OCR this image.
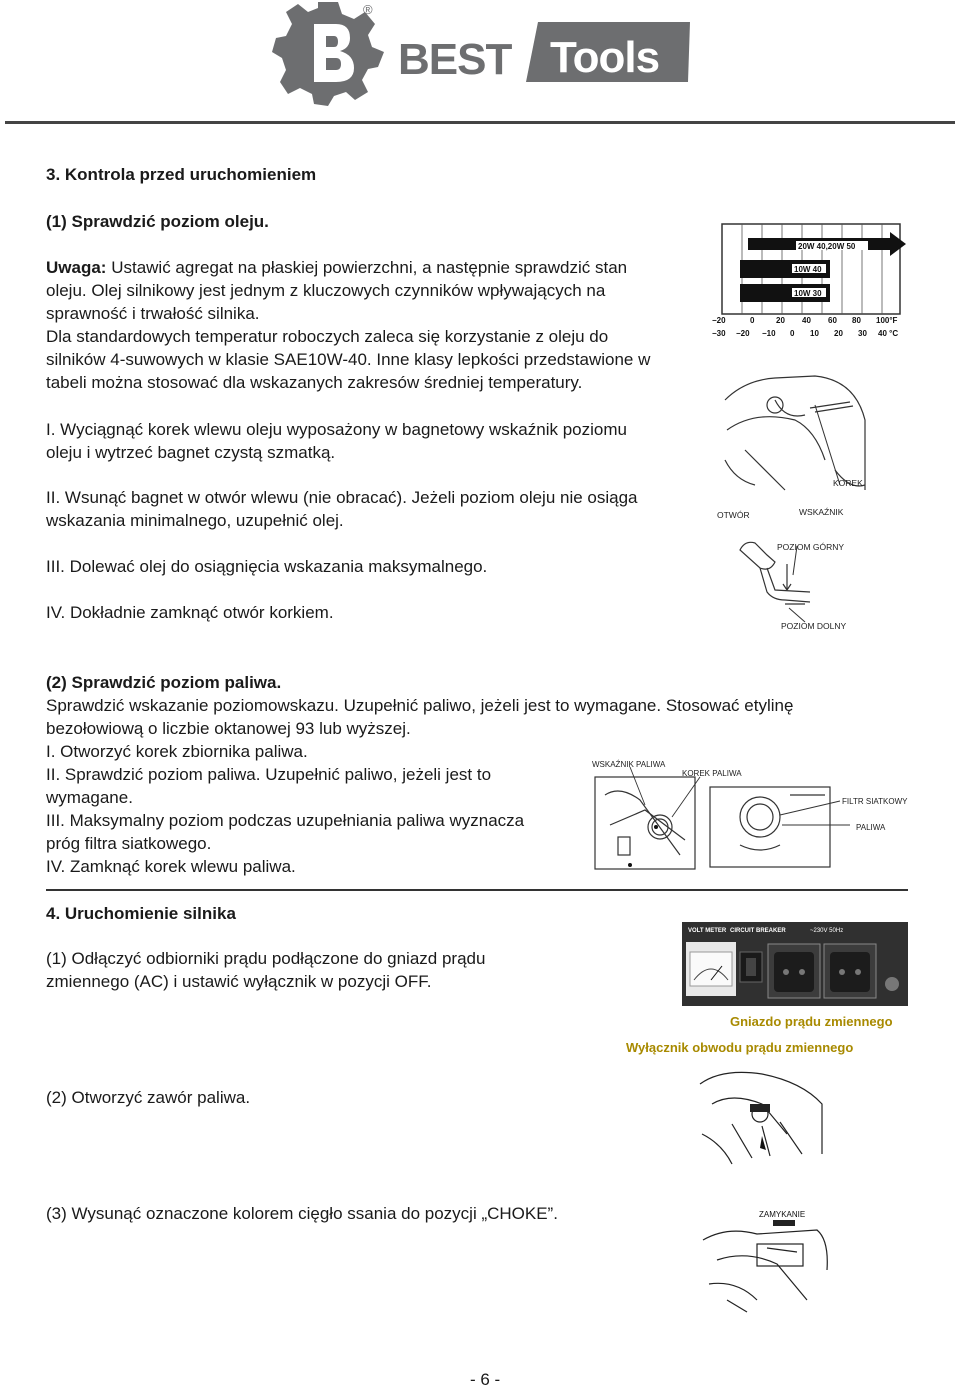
®
BEST Tools
3. Kontrola przed uruchomieniem
(1) Sprawdzić poziom oleju.

Uwaga: Ustawić agregat na płaskiej powierzchni, a następnie sprawdzić stan

oleju. Olej silnikowy jest jednym z kluczowych czynników wpływających na

sprawność i trwałość silnika.

Dla standardowych temperatur roboczych zaleca się korzystanie z oleju do

silników 4-suwowych w klasie SAE10W-40. Inne klasy lepkości przedstawione w

tabeli można stosować dla wskazanych zakresów średniej temperatury.

I. Wyciągnąć korek wlewu oleju wyposażony w bagnetowy wskaźnik poziomu

oleju i wytrzeć bagnet czystą szmatką.

II. Wsunąć bagnet w otwór wlewu (nie obracać). Jeżeli poziom oleju nie osiąga

wskazania minimalnego, uzupełnić olej.

III. Dolewać olej do osiągnięcia wskazania maksymalnego.
IV. Dokładnie zamknąć otwór korkiem.
20W 40,20W 50
10W 40
10W 30
−20	0	20 40 60 80 100°F
−30 −20 −10 0 10 20 30 40 °C
KOREK
OTWÓR	WSKAŹNIK
POZIOM GÓRNY
POZIOM DOLNY
(2) Sprawdzić poziom paliwa.

Sprawdzić wskazanie poziomowskazu. Uzupełnić paliwo, jeżeli jest to wymagane. Stosować etylinę

bezołowiową o liczbie oktanowej 93 lub wyższej.

I. Otworzyć korek zbiornika paliwa.

II. Sprawdzić poziom paliwa. Uzupełnić paliwo, jeżeli jest to

wymagane.

III. Maksymalny poziom podczas uzupełniania paliwa wyznacza

próg filtra siatkowego.

IV. Zamknąć korek wlewu paliwa.

WSKAŹNIK PALIWA
KOREK PALIWA
FILTR SIATKOWY
PALIWA
4. Uruchomienie silnika

(1) Odłączyć odbiorniki prądu podłączone do gniazd prądu

zmiennego (AC) i ustawić wyłącznik w pozycji OFF.

VOLT METER CIRCUIT BREAKER	~230V 50Hz
Gniazdo prądu zmiennego
Wyłącznik obwodu prądu zmiennego
(2) Otworzyć zawór paliwa.
(3) Wysunąć oznaczone kolorem cięgło ssania do pozycji „CHOKE”.	ZAMYKANIE
- 6 -
